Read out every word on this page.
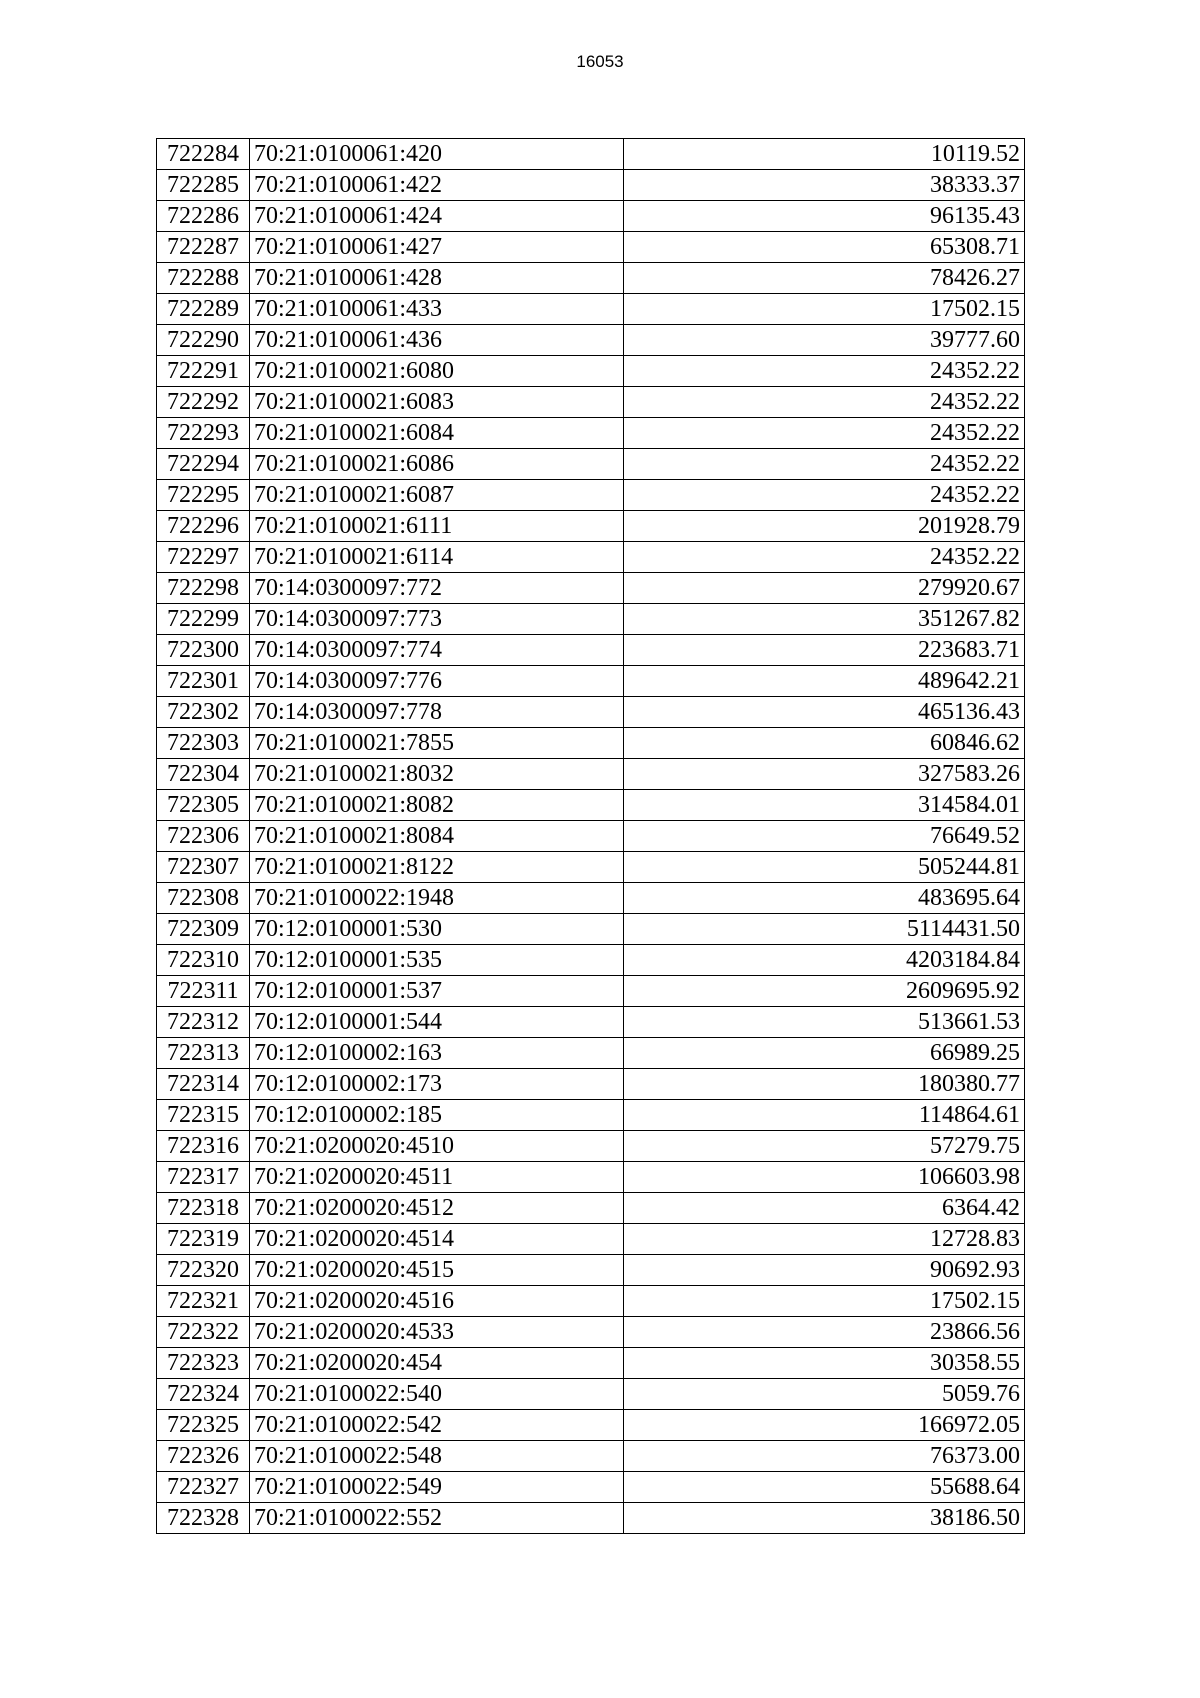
16053
722284	70:21:0100061:420	10119.52
722285	70:21:0100061:422	38333.37
722286	70:21:0100061:424	96135.43
722287	70:21:0100061:427	65308.71
722288	70:21:0100061:428	78426.27
722289	70:21:0100061:433	17502.15
722290	70:21:0100061:436	39777.60
722291	70:21:0100021:6080	24352.22
722292	70:21:0100021:6083	24352.22
722293	70:21:0100021:6084	24352.22
722294	70:21:0100021:6086	24352.22
722295	70:21:0100021:6087	24352.22
722296	70:21:0100021:6111	201928.79
722297	70:21:0100021:6114	24352.22
722298	70:14:0300097:772	279920.67
722299	70:14:0300097:773	351267.82
722300	70:14:0300097:774	223683.71
722301	70:14:0300097:776	489642.21
722302	70:14:0300097:778	465136.43
722303	70:21:0100021:7855	60846.62
722304	70:21:0100021:8032	327583.26
722305	70:21:0100021:8082	314584.01
722306	70:21:0100021:8084	76649.52
722307	70:21:0100021:8122	505244.81
722308	70:21:0100022:1948	483695.64
722309	70:12:0100001:530	5114431.50
722310	70:12:0100001:535	4203184.84
722311	70:12:0100001:537	2609695.92
722312	70:12:0100001:544	513661.53
722313	70:12:0100002:163	66989.25
722314	70:12:0100002:173	180380.77
722315	70:12:0100002:185	114864.61
722316	70:21:0200020:4510	57279.75
722317	70:21:0200020:4511	106603.98
722318	70:21:0200020:4512	6364.42
722319	70:21:0200020:4514	12728.83
722320	70:21:0200020:4515	90692.93
722321	70:21:0200020:4516	17502.15
722322	70:21:0200020:4533	23866.56
722323	70:21:0200020:454	30358.55
722324	70:21:0100022:540	5059.76
722325	70:21:0100022:542	166972.05
722326	70:21:0100022:548	76373.00
722327	70:21:0100022:549	55688.64
722328	70:21:0100022:552	38186.50
